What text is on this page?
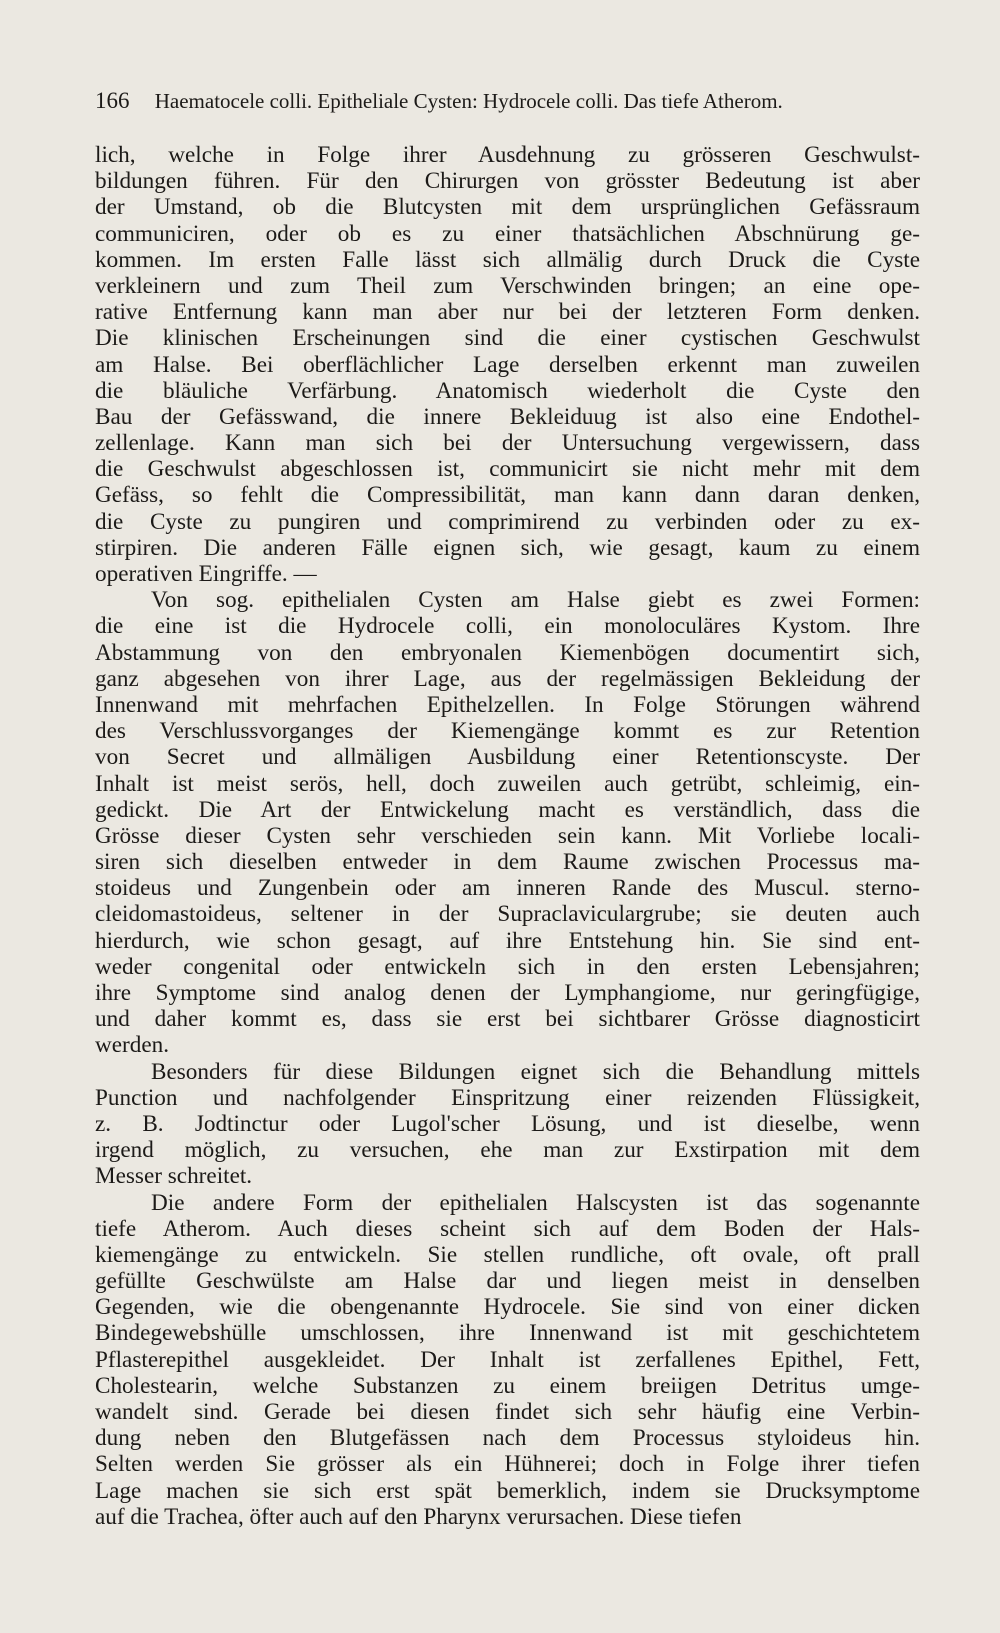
166 Haematocele colli. Epitheliale Cysten: Hydrocele colli. Das tiefe Atherom.
lich, welche in Folge ihrer Ausdehnung zu grösseren Geschwulst-
bildungen führen. Für den Chirurgen von grösster Bedeutung ist aber
der Umstand, ob die Blutcysten mit dem ursprünglichen Gefässraum
communiciren, oder ob es zu einer thatsächlichen Abschnürung ge-
kommen. Im ersten Falle lässt sich allmälig durch Druck die Cyste
verkleinern und zum Theil zum Verschwinden bringen; an eine ope-
rative Entfernung kann man aber nur bei der letzteren Form denken.
Die klinischen Erscheinungen sind die einer cystischen Geschwulst
am Halse. Bei oberflächlicher Lage derselben erkennt man zuweilen
die bläuliche Verfärbung. Anatomisch wiederholt die Cyste den
Bau der Gefässwand, die innere Bekleiduug ist also eine Endothel-
zellenlage. Kann man sich bei der Untersuchung vergewissern, dass
die Geschwulst abgeschlossen ist, communicirt sie nicht mehr mit dem
Gefäss, so fehlt die Compressibilität, man kann dann daran denken,
die Cyste zu pungiren und comprimirend zu verbinden oder zu ex-
stirpiren. Die anderen Fälle eignen sich, wie gesagt, kaum zu einem
operativen Eingriffe. —
Von sog. epithelialen Cysten am Halse giebt es zwei Formen:
die eine ist die Hydrocele colli, ein monoloculäres Kystom. Ihre
Abstammung von den embryonalen Kiemenbögen documentirt sich,
ganz abgesehen von ihrer Lage, aus der regelmässigen Bekleidung der
Innenwand mit mehrfachen Epithelzellen. In Folge Störungen während
des Verschlussvorganges der Kiemengänge kommt es zur Retention
von Secret und allmäligen Ausbildung einer Retentionscyste. Der
Inhalt ist meist serös, hell, doch zuweilen auch getrübt, schleimig, ein-
gedickt. Die Art der Entwickelung macht es verständlich, dass die
Grösse dieser Cysten sehr verschieden sein kann. Mit Vorliebe locali-
siren sich dieselben entweder in dem Raume zwischen Processus ma-
stoideus und Zungenbein oder am inneren Rande des Muscul. sterno-
cleidomastoideus, seltener in der Supraclaviculargrube; sie deuten auch
hierdurch, wie schon gesagt, auf ihre Entstehung hin. Sie sind ent-
weder congenital oder entwickeln sich in den ersten Lebensjahren;
ihre Symptome sind analog denen der Lymphangiome, nur geringfügige,
und daher kommt es, dass sie erst bei sichtbarer Grösse diagnosticirt
werden.
Besonders für diese Bildungen eignet sich die Behandlung mittels
Punction und nachfolgender Einspritzung einer reizenden Flüssigkeit,
z. B. Jodtinctur oder Lugol'scher Lösung, und ist dieselbe, wenn
irgend möglich, zu versuchen, ehe man zur Exstirpation mit dem
Messer schreitet.
Die andere Form der epithelialen Halscysten ist das sogenannte
tiefe Atherom. Auch dieses scheint sich auf dem Boden der Hals-
kiemengänge zu entwickeln. Sie stellen rundliche, oft ovale, oft prall
gefüllte Geschwülste am Halse dar und liegen meist in denselben
Gegenden, wie die obengenannte Hydrocele. Sie sind von einer dicken
Bindegewebshülle umschlossen, ihre Innenwand ist mit geschichtetem
Pflasterepithel ausgekleidet. Der Inhalt ist zerfallenes Epithel, Fett,
Cholestearin, welche Substanzen zu einem breiigen Detritus umge-
wandelt sind. Gerade bei diesen findet sich sehr häufig eine Verbin-
dung neben den Blutgefässen nach dem Processus styloideus hin.
Selten werden Sie grösser als ein Hühnerei; doch in Folge ihrer tiefen
Lage machen sie sich erst spät bemerklich, indem sie Drucksymptome
auf die Trachea, öfter auch auf den Pharynx verursachen. Diese tiefen
